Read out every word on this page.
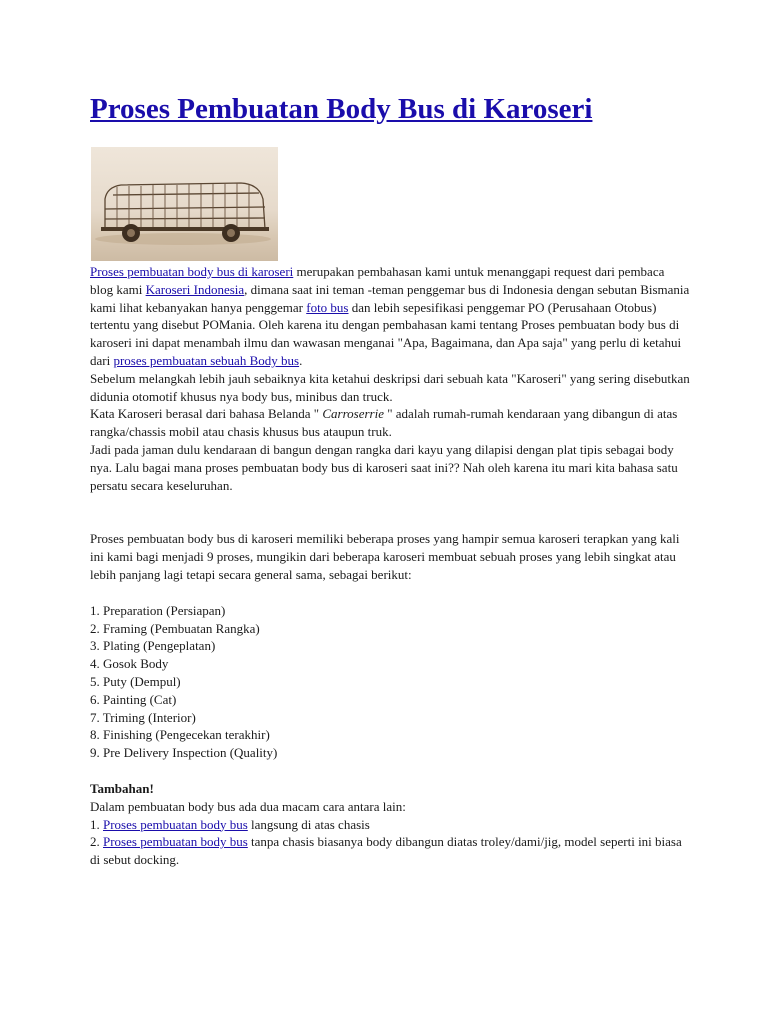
Proses Pembuatan Body Bus di Karoseri

Proses pembuatan body bus di karoseri merupakan pembahasan kami untuk menanggapi request dari pembaca blog kami Karoseri Indonesia, dimana saat ini teman -teman penggemar bus di Indonesia dengan sebutan Bismania kami lihat kebanyakan hanya penggemar foto bus dan lebih sepesifikasi penggemar PO (Perusahaan Otobus) tertentu yang disebut POMania. Oleh karena itu dengan pembahasan kami tentang Proses pembuatan body bus di karoseri ini dapat menambah ilmu dan wawasan menganai "Apa, Bagaimana, dan Apa saja" yang perlu di ketahui dari proses pembuatan sebuah Body bus.

Sebelum melangkah lebih jauh sebaiknya kita ketahui deskripsi dari sebuah kata "Karoseri" yang sering disebutkan didunia otomotif khusus nya body bus, minibus dan truck.

Kata Karoseri berasal dari bahasa Belanda " Carroserrie " adalah rumah-rumah kendaraan yang dibangun di atas rangka/chassis mobil atau chasis khusus bus ataupun truk.

Jadi pada jaman dulu kendaraan di bangun dengan rangka dari kayu yang dilapisi dengan plat tipis sebagai body nya. Lalu bagai mana proses pembuatan body bus di karoseri saat ini?? Nah oleh karena itu mari kita bahasa satu persatu secara keseluruhan.

Proses pembuatan body bus di karoseri memiliki beberapa proses yang hampir semua karoseri terapkan yang kali ini kami bagi menjadi 9 proses, mungikin dari beberapa karoseri membuat sebuah proses yang lebih singkat atau lebih panjang lagi tetapi secara general sama, sebagai berikut:

1. Preparation (Persiapan)
2. Framing (Pembuatan Rangka)
3. Plating (Pengeplatan)
4. Gosok Body
5. Puty (Dempul)
6. Painting (Cat)
7. Triming (Interior)
8. Finishing (Pengecekan terakhir)
9. Pre Delivery Inspection (Quality)

Tambahan!

Dalam pembuatan body bus ada dua macam cara antara lain:

1. Proses pembuatan body bus langsung di atas chasis

2. Proses pembuatan body bus tanpa chasis biasanya body dibangun diatas troley/dami/jig, model seperti ini biasa di sebut docking.
